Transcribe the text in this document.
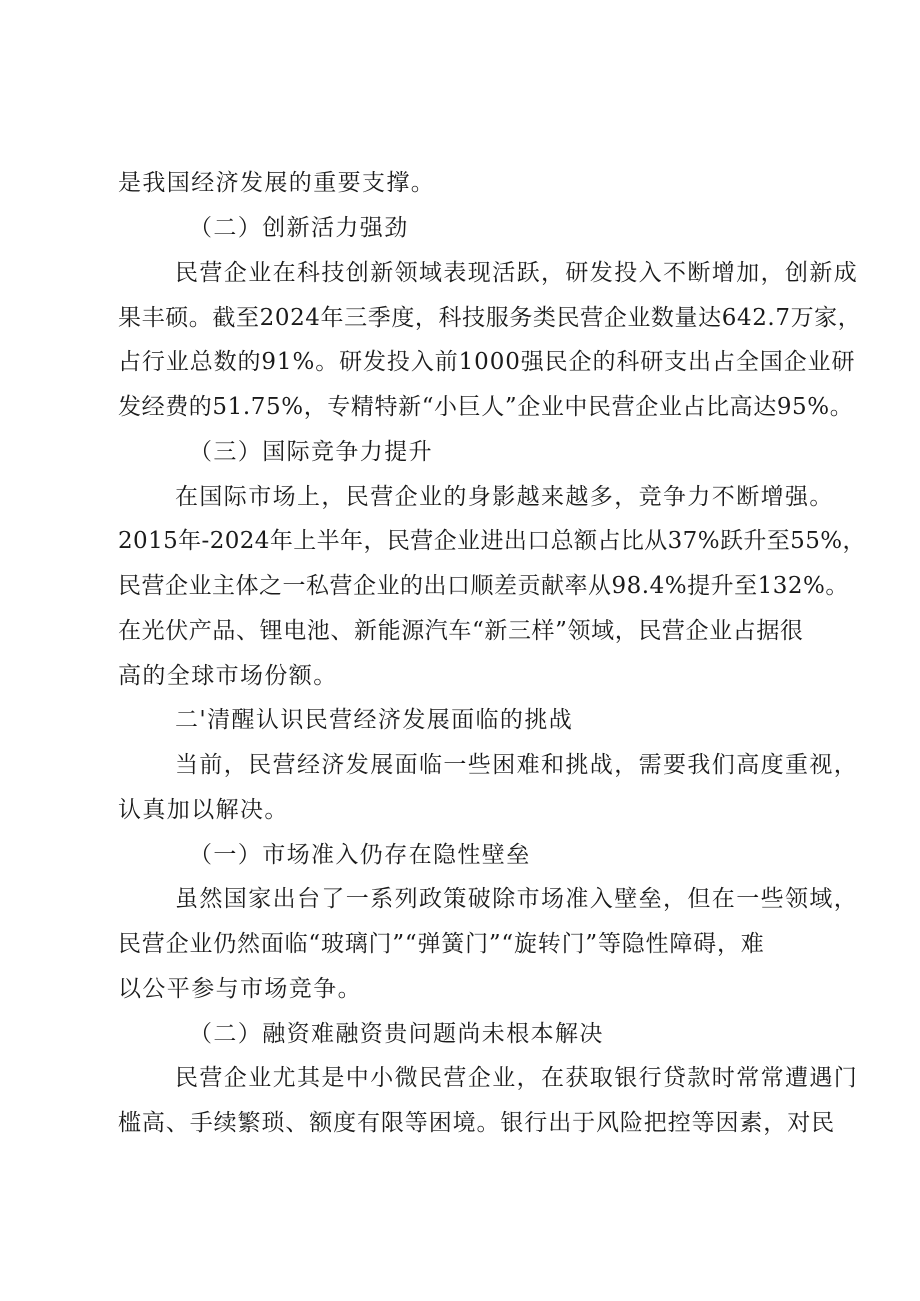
是我国经济发展的重要支撑。
（二）创新活力强劲
民营企业在科技创新领域表现活跃，研发投入不断增加，创新成
果丰硕。截至2024年三季度，科技服务类民营企业数量达642.7万家，
占行业总数的91%。研发投入前1000强民企的科研支出占全国企业研
发经费的51.75%，专精特新“小巨人”企业中民营企业占比高达95%。
（三）国际竞争力提升
在国际市场上，民营企业的身影越来越多，竞争力不断增强。
2015年-2024年上半年，民营企业进出口总额占比从37%跃升至55%，
民营企业主体之一私营企业的出口顺差贡献率从98.4%提升至132%。
在光伏产品、锂电池、新能源汽车“新三样”领域，民营企业占据很
高的全球市场份额。
二'清醒认识民营经济发展面临的挑战
当前，民营经济发展面临一些困难和挑战，需要我们高度重视，
认真加以解决。
（一）市场准入仍存在隐性壁垒
虽然国家出台了一系列政策破除市场准入壁垒，但在一些领域，
民营企业仍然面临“玻璃门”“弹簧门”“旋转门”等隐性障碍，难
以公平参与市场竞争。
（二）融资难融资贵问题尚未根本解决
民营企业尤其是中小微民营企业，在获取银行贷款时常常遭遇门
槛高、手续繁琐、额度有限等困境。银行出于风险把控等因素，对民
